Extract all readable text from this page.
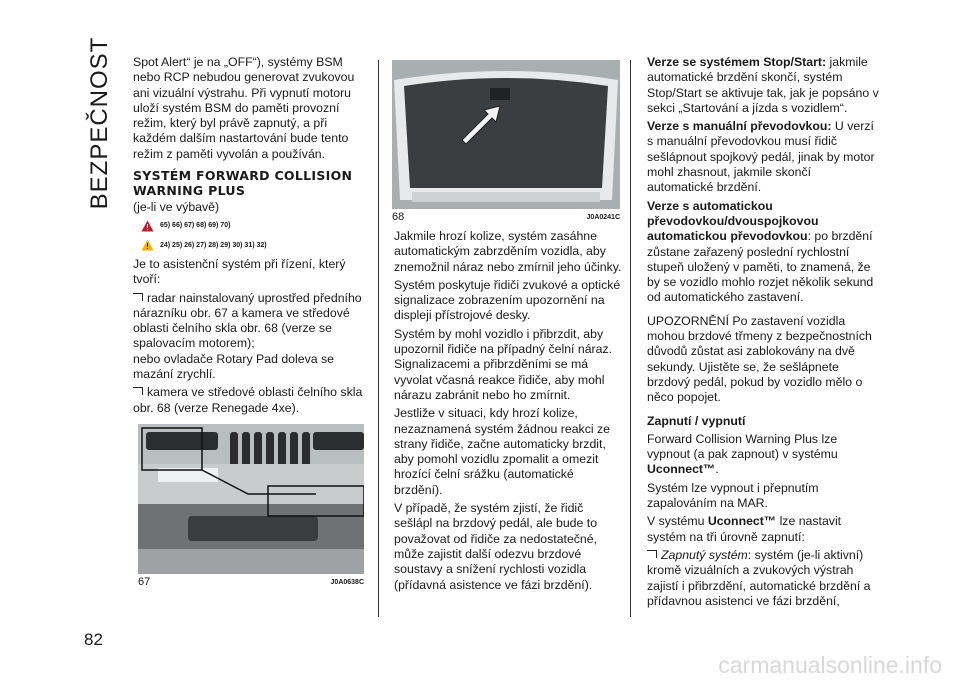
BEZPEČNOST
82

Spot Alert“ je na „OFF“), systémy BSM nebo RCP nebudou generovat zvukovou ani vizuální výstrahu. Při vypnutí motoru uloží systém BSM do paměti provozní režim, který byl právě zapnutý, a při každém dalším nastartování bude tento režim z paměti vyvolán a používán.

SYSTÉM FORWARD COLLISION WARNING PLUS

(je-li ve výbavě)

65) 66) 67) 68) 69) 70)
24) 25) 26) 27) 28) 29) 30) 31) 32)

Je to asistenční systém při řízení, který tvoří:

radar nainstalovaný uprostřed předního nárazníku obr. 67 a kamera ve středové oblasti čelního skla obr. 68 (verze se spalovacím motorem);

nebo ovladače Rotary Pad doleva se mazání zrychlí.

kamera ve středové oblasti čelního skla obr. 68 (verze Renegade 4xe).

67	J0A0638C
68	J0A0241C

Jakmile hrozí kolize, systém zasáhne automatickým zabrzděním vozidla, aby znemožnil náraz nebo zmírnil jeho účinky.

Systém poskytuje řidiči zvukové a optické signalizace zobrazením upozornění na displeji přístrojové desky.

Systém by mohl vozidlo i přibrzdit, aby upozornil řidiče na případný čelní náraz. Signalizacemi a přibrzděními se má vyvolat včasná reakce řidiče, aby mohl nárazu zabránit nebo ho zmírnit.

Jestliže v situaci, kdy hrozí kolize, nezaznamená systém žádnou reakci ze strany řidiče, začne automaticky brzdit, aby pomohl vozidlu zpomalit a omezit hrozící čelní srážku (automatické brzdění).

V případě, že systém zjistí, že řidič sešlápl na brzdový pedál, ale bude to považovat od řidiče za nedostatečné, může zajistit další odezvu brzdové soustavy a snížení rychlosti vozidla (přídavná asistence ve fázi brzdění).

Verze se systémem Stop/Start: jakmile automatické brzdění skončí, systém Stop/Start se aktivuje tak, jak je popsáno v sekci „Startování a jízda s vozidlem“.

Verze s manuální převodovkou: U verzí s manuální převodovkou musí řidič sešlápnout spojkový pedál, jinak by motor mohl zhasnout, jakmile skončí automatické brzdění.

Verze s automatickou převodovkou/dvouspojkovou automatickou převodovkou: po brzdění zůstane zařazený poslední rychlostní stupeň uložený v paměti, to znamená, že by se vozidlo mohlo rozjet několik sekund od automatického zastavení.

UPOZORNĚNÍ Po zastavení vozidla mohou brzdové třmeny z bezpečnostních důvodů zůstat asi zablokovány na dvě sekundy. Ujistěte se, že sešlápnete brzdový pedál, pokud by vozidlo mělo o něco popojet.

Zapnutí / vypnutí

Forward Collision Warning Plus lze vypnout (a pak zapnout) v systému Uconnect™.

Systém lze vypnout i přepnutím zapalováním na MAR.

V systému Uconnect™ lze nastavit systém na tři úrovně zapnutí:

Zapnutý systém: systém (je-li aktivní) kromě vizuálních a zvukových výstrah zajistí i přibrzdění, automatické brzdění a přídavnou asistenci ve fázi brzdění,

carmanualsonline.info
